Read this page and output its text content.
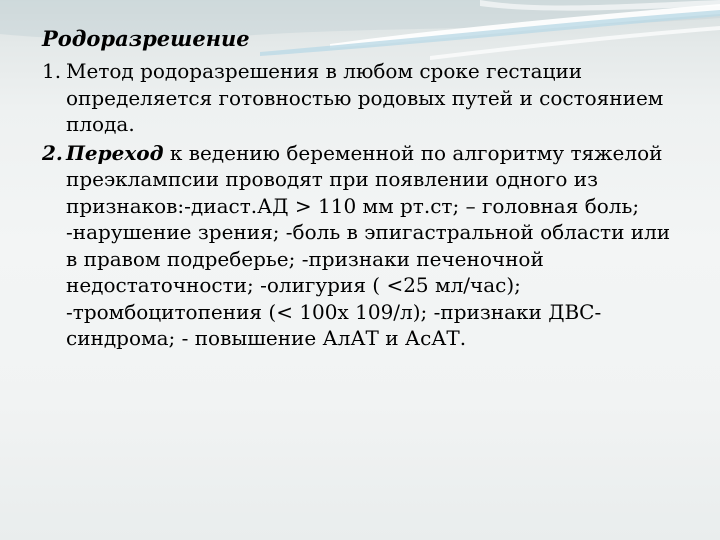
Родоразрешение
1. Метод родоразрешения в любом сроке гестации определяется готовностью родовых путей и состоянием плода.
2. Переход к ведению беременной по алгоритму тяжелой преэклампсии проводят при появлении одного из признаков:-диаст.АД > 110 мм рт.ст; – головная боль; -нарушение зрения; -боль в эпигастральной области или в правом подреберье; -признаки печеночной недостаточности; -олигурия ( <25 мл/час); -тромбоцитопения (< 100х 109/л); -признаки ДВС- синдрома; - повышение АлАТ и АсАТ.
